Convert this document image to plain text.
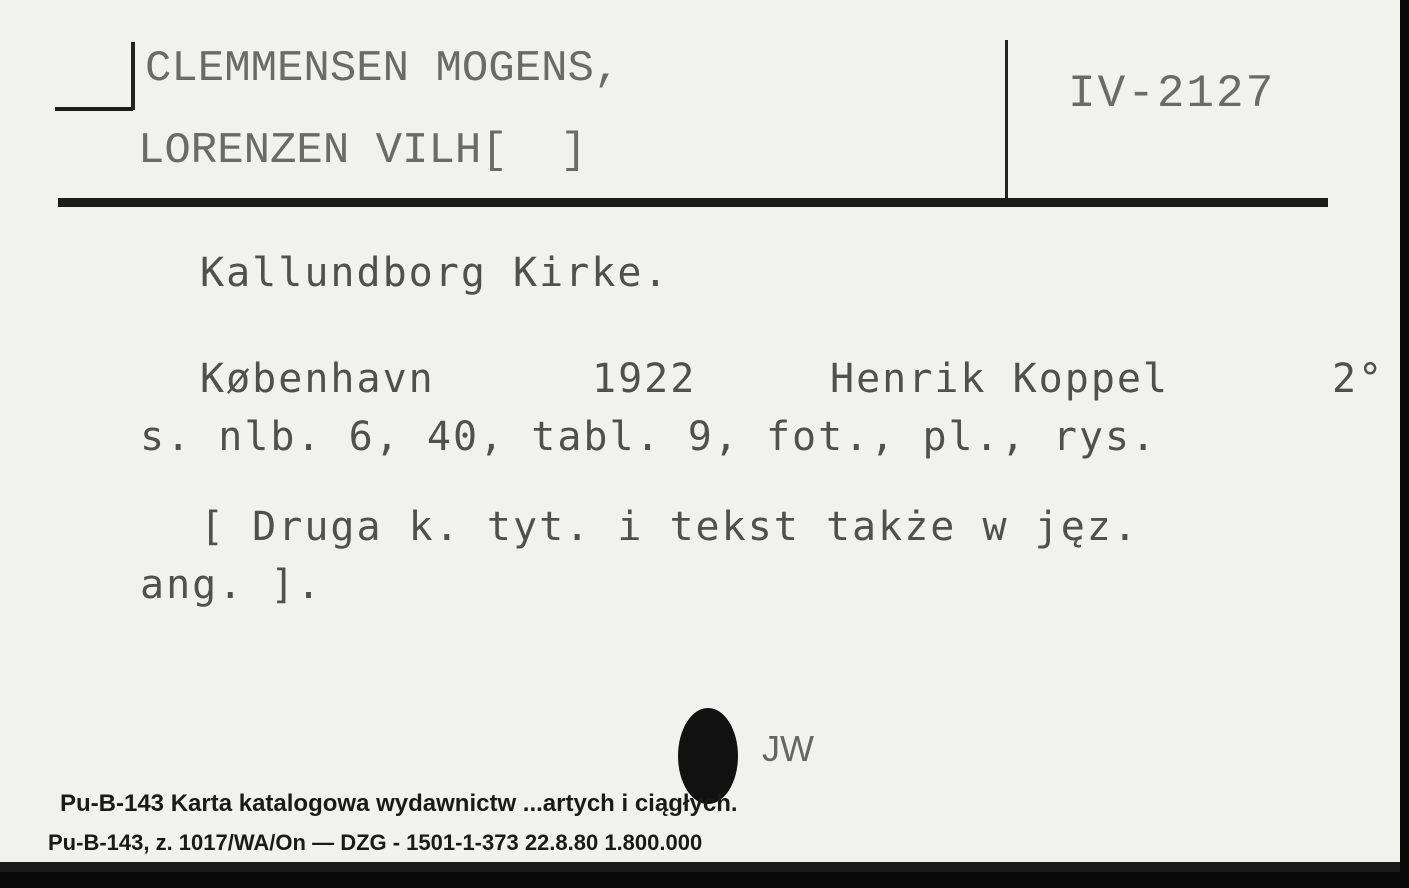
CLEMMENSEN MOGENS,
LORENZEN VILH[  ]
IV-2127
Kallundborg Kirke.
København	1922	Henrik Koppel	2°
s. nlb. 6, 40, tabl. 9, fot., pl., rys.
[ Druga k. tyt. i tekst także w jęz.
ang. ].
JW
Pu-B-143 Karta katalogowa wydawnictw ...artych i ciągłych.
Pu-B-143, z. 1017/WA/On — DZG - 1501-1-373 22.8.80 1.800.000
